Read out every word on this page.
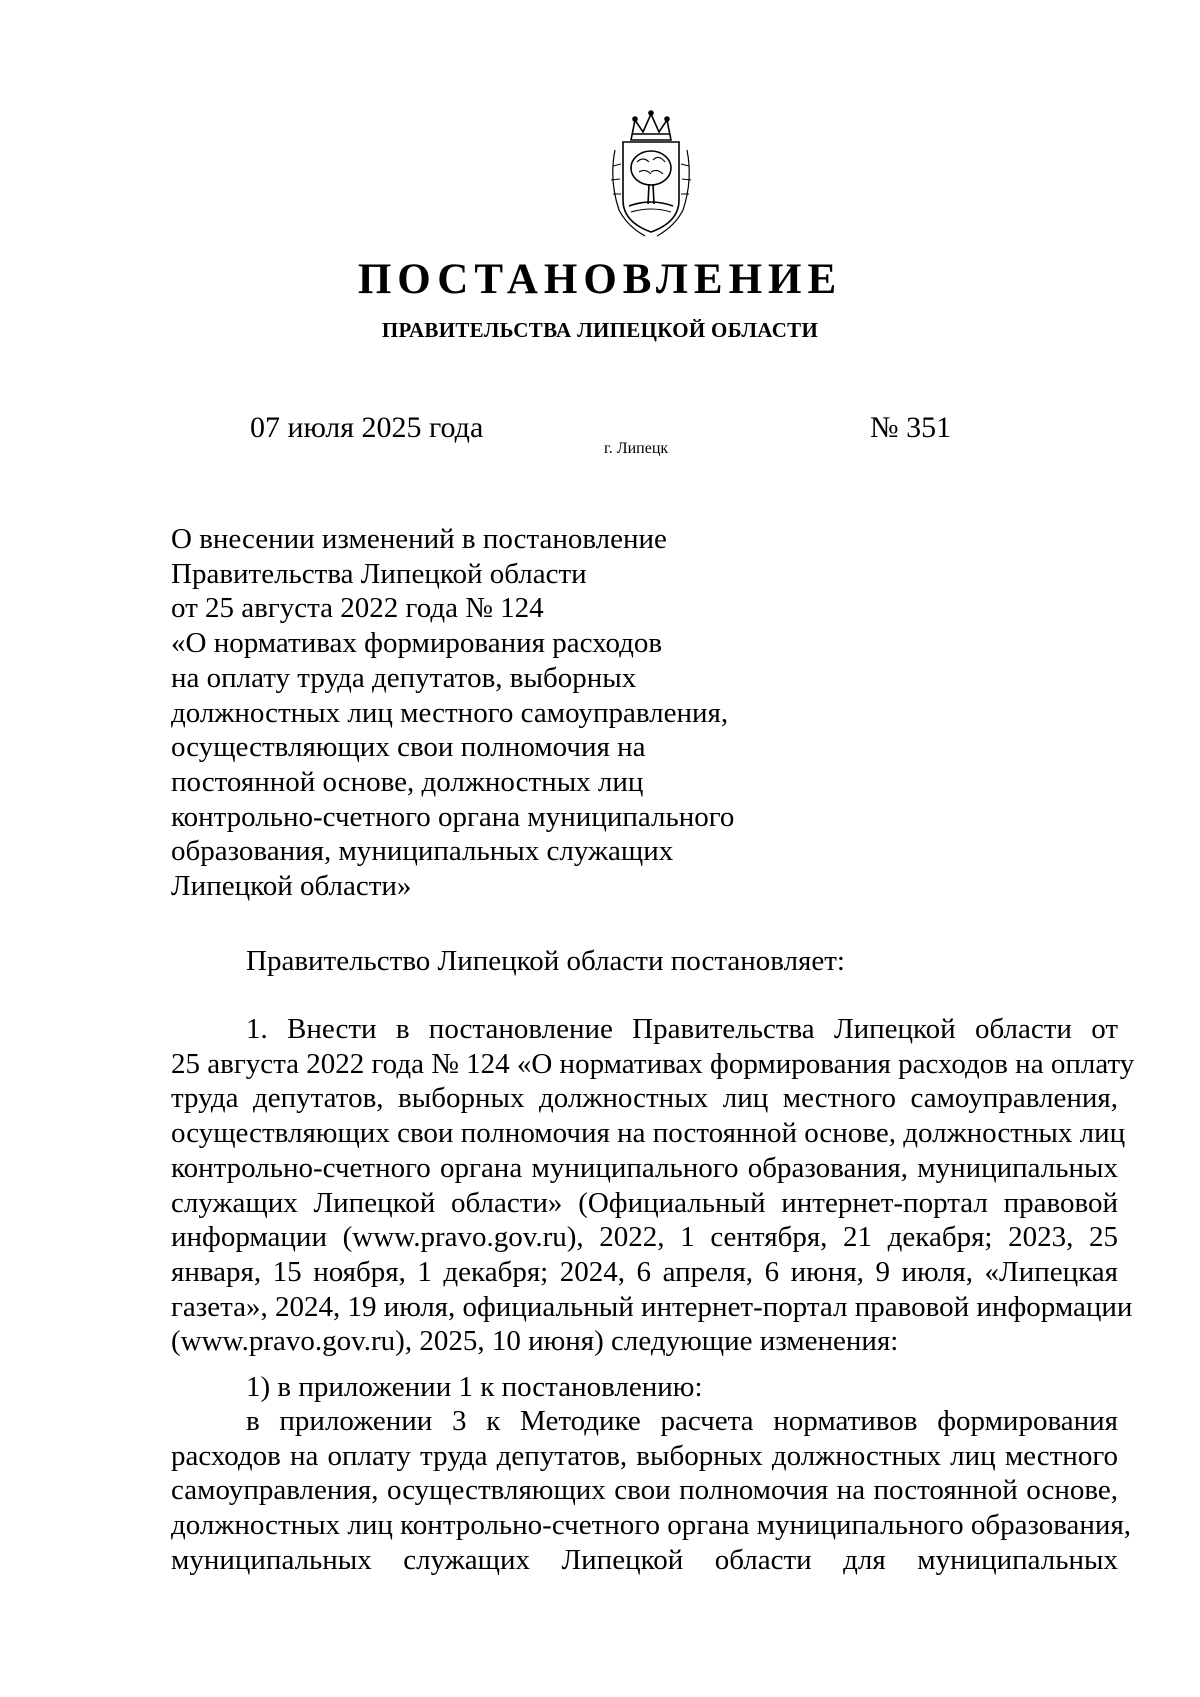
ПОСТАНОВЛЕНИЕ
ПРАВИТЕЛЬСТВА ЛИПЕЦКОЙ ОБЛАСТИ
07 июля 2025 года
г. Липецк
№ 351
О внесении изменений в постановление
Правительства Липецкой области
от 25 августа 2022 года № 124
«О нормативах формирования расходов
на оплату труда депутатов, выборных
должностных лиц местного самоуправления,
осуществляющих свои полномочия на
постоянной основе, должностных лиц
контрольно-счетного органа муниципального
образования, муниципальных служащих
Липецкой области»
Правительство Липецкой области постановляет:
1. Внести в постановление Правительства Липецкой области от
25 августа 2022 года № 124 «О нормативах формирования расходов на оплату
труда депутатов, выборных должностных лиц местного самоуправления,
осуществляющих свои полномочия на постоянной основе, должностных лиц
контрольно-счетного органа муниципального образования, муниципальных
служащих Липецкой области» (Официальный интернет-портал правовой
информации (www.pravo.gov.ru), 2022, 1 сентября, 21 декабря; 2023, 25
января, 15 ноября, 1 декабря; 2024, 6 апреля, 6 июня, 9 июля, «Липецкая
газета», 2024, 19 июля, официальный интернет-портал правовой информации
(www.pravo.gov.ru), 2025, 10 июня) следующие изменения:
1) в приложении 1 к постановлению:
в приложении 3 к Методике расчета нормативов формирования
расходов на оплату труда депутатов, выборных должностных лиц местного
самоуправления, осуществляющих свои полномочия на постоянной основе,
должностных лиц контрольно-счетного органа муниципального образования,
муниципальных служащих Липецкой области для муниципальных
